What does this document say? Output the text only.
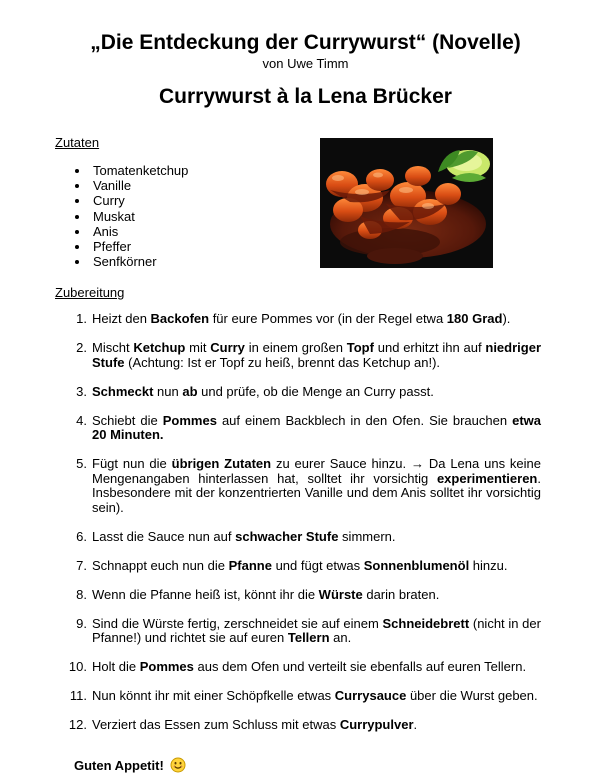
„Die Entdeckung der Currywurst“ (Novelle)
von Uwe Timm
Currywurst à la Lena Brücker
Zutaten
Tomatenketchup
Vanille
Curry
Muskat
Anis
Pfeffer
Senfkörner
Zubereitung
1. Heizt den Backofen für eure Pommes vor (in der Regel etwa 180 Grad).
2. Mischt Ketchup mit Curry in einem großen Topf und erhitzt ihn auf niedriger Stufe (Achtung: Ist er Topf zu heiß, brennt das Ketchup an!).
3. Schmeckt nun ab und prüfe, ob die Menge an Curry passt.
4. Schiebt die Pommes auf einem Backblech in den Ofen. Sie brauchen etwa 20 Minuten.
5. Fügt nun die übrigen Zutaten zu eurer Sauce hinzu. → Da Lena uns keine Mengenangaben hinterlassen hat, solltet ihr vorsichtig experimentieren. Insbesondere mit der konzentrierten Vanille und dem Anis solltet ihr vorsichtig sein).
6. Lasst die Sauce nun auf schwacher Stufe simmern.
7. Schnappt euch nun die Pfanne und fügt etwas Sonnenblumenöl hinzu.
8. Wenn die Pfanne heiß ist, könnt ihr die Würste darin braten.
9. Sind die Würste fertig, zerschneidet sie auf einem Schneidebrett (nicht in der Pfanne!) und richtet sie auf euren Tellern an.
10. Holt die Pommes aus dem Ofen und verteilt sie ebenfalls auf euren Tellern.
11. Nun könnt ihr mit einer Schöpfkelle etwas Currysauce über die Wurst geben.
12. Verziert das Essen zum Schluss mit etwas Currypulver.
Guten Appetit!
